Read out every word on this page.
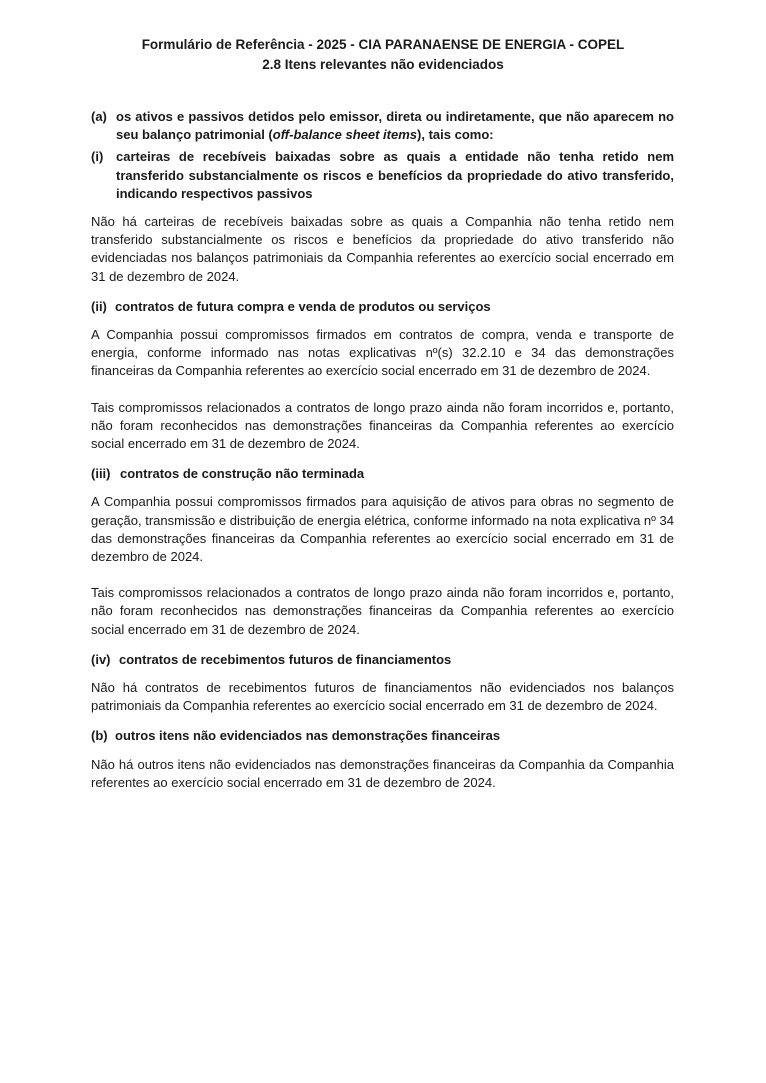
Formulário de Referência - 2025 - CIA PARANAENSE DE ENERGIA - COPEL
2.8 Itens relevantes não evidenciados
(a) os ativos e passivos detidos pelo emissor, direta ou indiretamente, que não aparecem no seu balanço patrimonial (off-balance sheet items), tais como:
(i) carteiras de recebíveis baixadas sobre as quais a entidade não tenha retido nem transferido substancialmente os riscos e benefícios da propriedade do ativo transferido, indicando respectivos passivos
Não há carteiras de recebíveis baixadas sobre as quais a Companhia não tenha retido nem transferido substancialmente os riscos e benefícios da propriedade do ativo transferido não evidenciadas nos balanços patrimoniais da Companhia referentes ao exercício social encerrado em 31 de dezembro de 2024.
(ii) contratos de futura compra e venda de produtos ou serviços
A Companhia possui compromissos firmados em contratos de compra, venda e transporte de energia, conforme informado nas notas explicativas nº(s) 32.2.10 e 34 das demonstrações financeiras da Companhia referentes ao exercício social encerrado em 31 de dezembro de 2024.
Tais compromissos relacionados a contratos de longo prazo ainda não foram incorridos e, portanto, não foram reconhecidos nas demonstrações financeiras da Companhia referentes ao exercício social encerrado em 31 de dezembro de 2024.
(iii) contratos de construção não terminada
A Companhia possui compromissos firmados para aquisição de ativos para obras no segmento de geração, transmissão e distribuição de energia elétrica, conforme informado na nota explicativa nº 34 das demonstrações financeiras da Companhia referentes ao exercício social encerrado em 31 de dezembro de 2024.
Tais compromissos relacionados a contratos de longo prazo ainda não foram incorridos e, portanto, não foram reconhecidos nas demonstrações financeiras da Companhia referentes ao exercício social encerrado em 31 de dezembro de 2024.
(iv) contratos de recebimentos futuros de financiamentos
Não há contratos de recebimentos futuros de financiamentos não evidenciados nos balanços patrimoniais da Companhia referentes ao exercício social encerrado em 31 de dezembro de 2024.
(b) outros itens não evidenciados nas demonstrações financeiras
Não há outros itens não evidenciados nas demonstrações financeiras da Companhia da Companhia referentes ao exercício social encerrado em 31 de dezembro de 2024.
